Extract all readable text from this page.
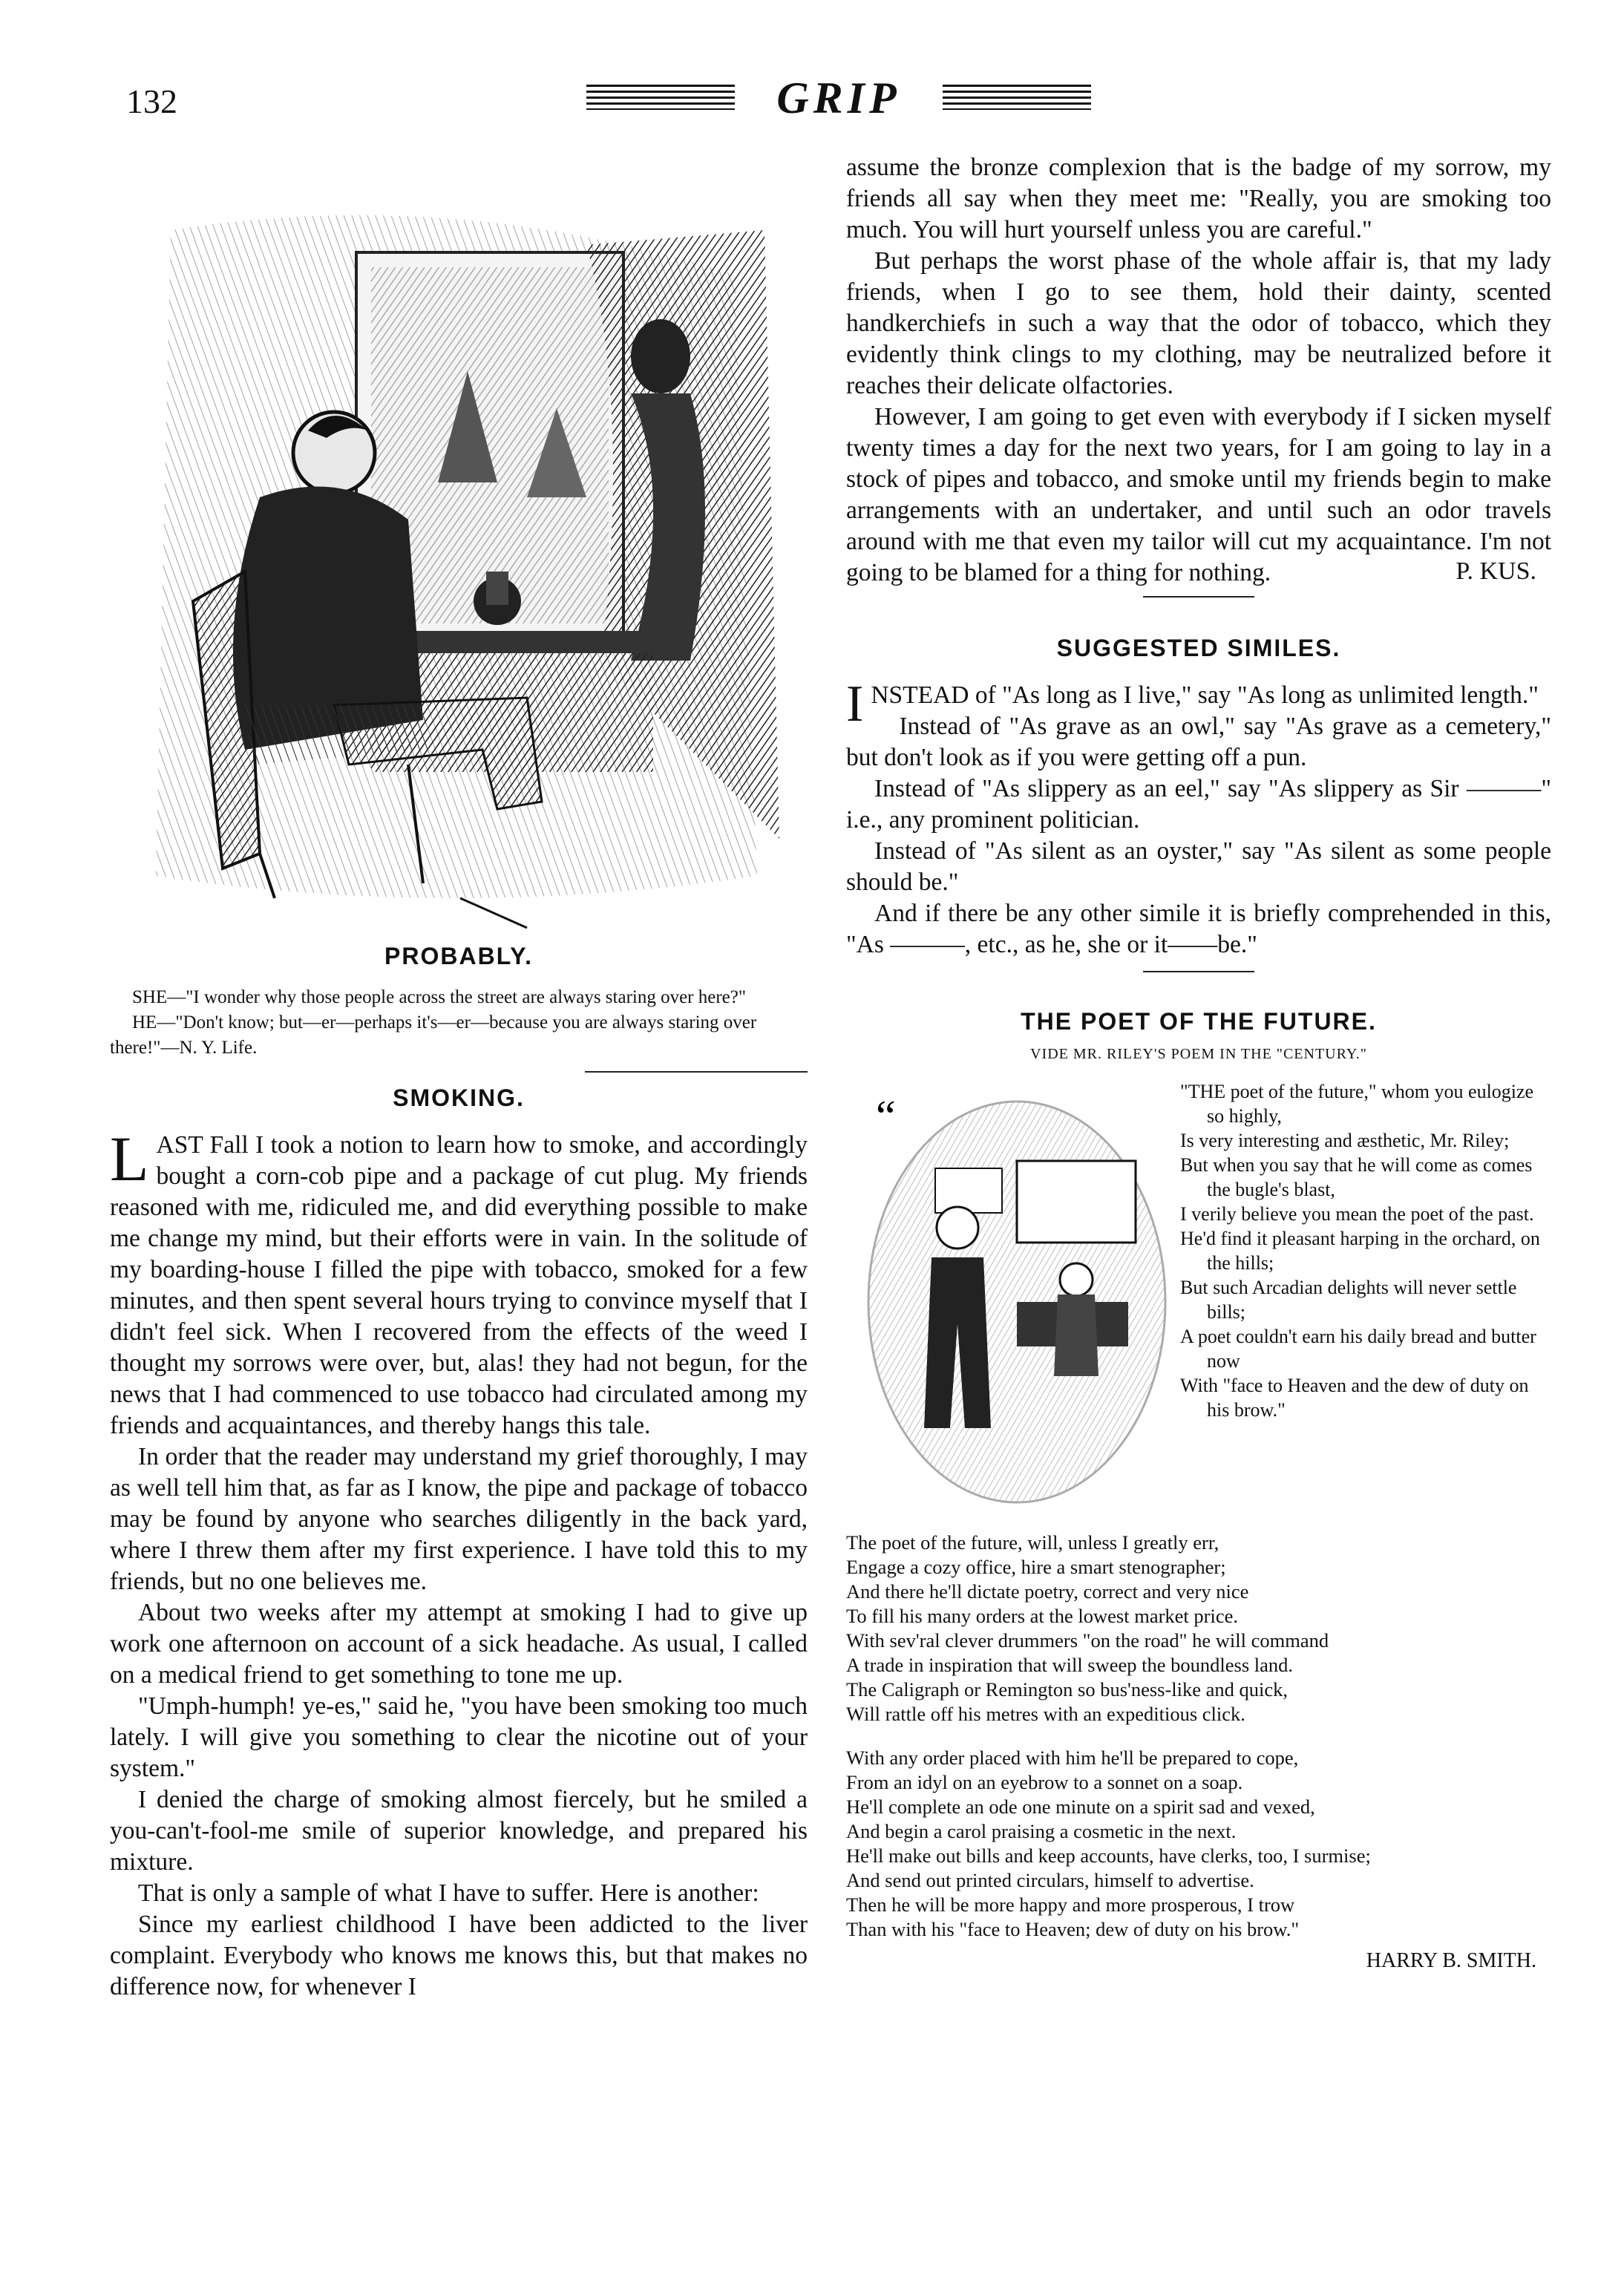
132	GRIP
PROBABLY.

SHE—"I wonder why those people across the street are always staring over here?"

HE—"Don't know; but—er—perhaps it's—er—because you are always staring over there!"—N. Y. Life.

SMOKING.

LAST Fall I took a notion to learn how to smoke, and accordingly bought a corn-cob pipe and a package of cut plug. My friends reasoned with me, ridiculed me, and did everything possible to make me change my mind, but their efforts were in vain. In the solitude of my boarding-house I filled the pipe with tobacco, smoked for a few minutes, and then spent several hours trying to convince myself that I didn't feel sick. When I recovered from the effects of the weed I thought my sorrows were over, but, alas! they had not begun, for the news that I had commenced to use tobacco had circulated among my friends and acquaintances, and thereby hangs this tale.

In order that the reader may understand my grief thoroughly, I may as well tell him that, as far as I know, the pipe and package of tobacco may be found by anyone who searches diligently in the back yard, where I threw them after my first experience. I have told this to my friends, but no one believes me.

About two weeks after my attempt at smoking I had to give up work one afternoon on account of a sick headache. As usual, I called on a medical friend to get something to tone me up.

"Umph-humph! ye-es," said he, "you have been smoking too much lately. I will give you something to clear the nicotine out of your system."

I denied the charge of smoking almost fiercely, but he smiled a you-can't-fool-me smile of superior knowledge, and prepared his mixture.

That is only a sample of what I have to suffer. Here is another:

Since my earliest childhood I have been addicted to the liver complaint. Everybody who knows me knows this, but that makes no difference now, for whenever I

assume the bronze complexion that is the badge of my sorrow, my friends all say when they meet me: "Really, you are smoking too much. You will hurt yourself unless you are careful."

But perhaps the worst phase of the whole affair is, that my lady friends, when I go to see them, hold their dainty, scented handkerchiefs in such a way that the odor of tobacco, which they evidently think clings to my clothing, may be neutralized before it reaches their delicate olfactories.

However, I am going to get even with everybody if I sicken myself twenty times a day for the next two years, for I am going to lay in a stock of pipes and tobacco, and smoke until my friends begin to make arrangements with an undertaker, and until such an odor travels around with me that even my tailor will cut my acquaintance. I'm not going to be blamed for a thing for nothing.	P. KUS.
SUGGESTED SIMILES.

INSTEAD of "As long as I live," say "As long as unlimited length."

Instead of "As grave as an owl," say "As grave as a cemetery," but don't look as if you were getting off a pun.

Instead of "As slippery as an eel," say "As slippery as Sir ———" i.e., any prominent politician.

Instead of "As silent as an oyster," say "As silent as some people should be."

And if there be any other simile it is briefly comprehended in this, "As ———, etc., as he, she or it——be."

THE POET OF THE FUTURE.
VIDE MR. RILEY'S POEM IN THE "CENTURY."
“

"THE poet of the future," whom you eulogize so highly,

Is very interesting and æsthetic, Mr. Riley;

But when you say that he will come as comes the bugle's blast,

I verily believe you mean the poet of the past.

He'd find it pleasant harping in the orchard, on the hills;

But such Arcadian delights will never settle bills;

A poet couldn't earn his daily bread and butter now

With "face to Heaven and the dew of duty on his brow."

The poet of the future, will, unless I greatly err,

Engage a cozy office, hire a smart stenographer;

And there he'll dictate poetry, correct and very nice

To fill his many orders at the lowest market price.

With sev'ral clever drummers "on the road" he will command

A trade in inspiration that will sweep the boundless land.

The Caligraph or Remington so bus'ness-like and quick,

Will rattle off his metres with an expeditious click.

With any order placed with him he'll be prepared to cope,

From an idyl on an eyebrow to a sonnet on a soap.

He'll complete an ode one minute on a spirit sad and vexed,

And begin a carol praising a cosmetic in the next.

He'll make out bills and keep accounts, have clerks, too, I surmise;

And send out printed circulars, himself to advertise.

Then he will be more happy and more prosperous, I trow

Than with his "face to Heaven; dew of duty on his brow."

HARRY B. SMITH.
